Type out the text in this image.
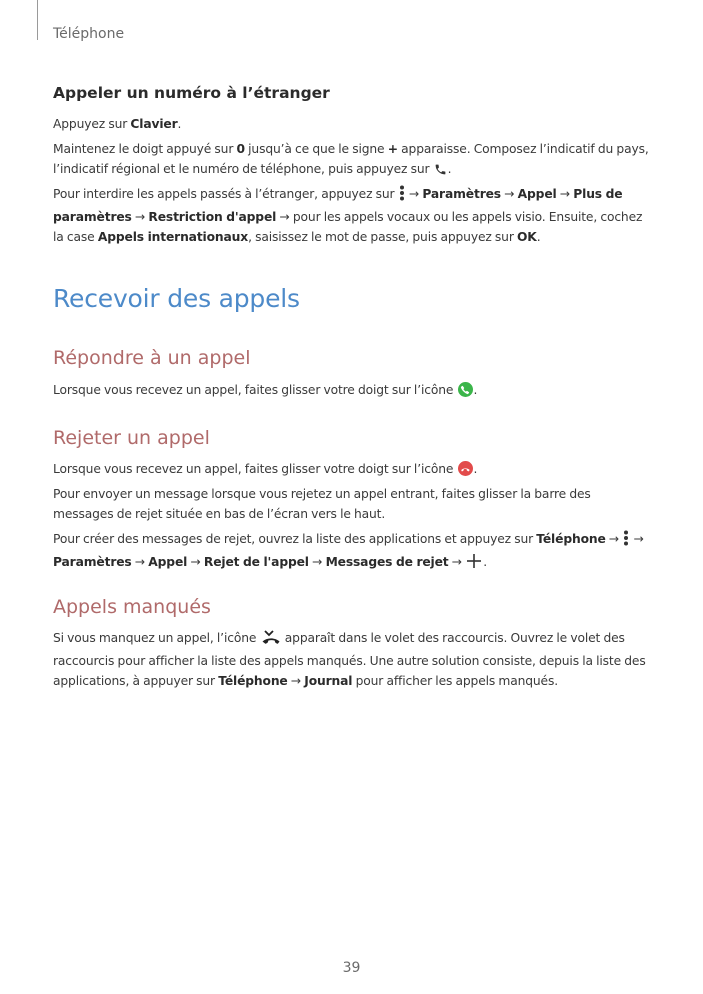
Téléphone
Appeler un numéro à l’étranger
Appuyez sur Clavier.
Maintenez le doigt appuyé sur 0 jusqu’à ce que le signe + apparaisse. Composez l’indicatif du pays, l’indicatif régional et le numéro de téléphone, puis appuyez sur .
Pour interdire les appels passés à l’étranger, appuyez sur  → Paramètres → Appel → Plus de paramètres → Restriction d'appel → pour les appels vocaux ou les appels visio. Ensuite, cochez la case Appels internationaux, saisissez le mot de passe, puis appuyez sur OK.
Recevoir des appels
Répondre à un appel
Lorsque vous recevez un appel, faites glisser votre doigt sur l’icône .
Rejeter un appel
Lorsque vous recevez un appel, faites glisser votre doigt sur l’icône .
Pour envoyer un message lorsque vous rejetez un appel entrant, faites glisser la barre des messages de rejet située en bas de l’écran vers le haut.
Pour créer des messages de rejet, ouvrez la liste des applications et appuyez sur Téléphone →  → Paramètres → Appel → Rejet de l'appel → Messages de rejet → .
Appels manqués
Si vous manquez un appel, l’icône  apparaît dans le volet des raccourcis. Ouvrez le volet des raccourcis pour afficher la liste des appels manqués. Une autre solution consiste, depuis la liste des applications, à appuyer sur Téléphone → Journal pour afficher les appels manqués.
39
